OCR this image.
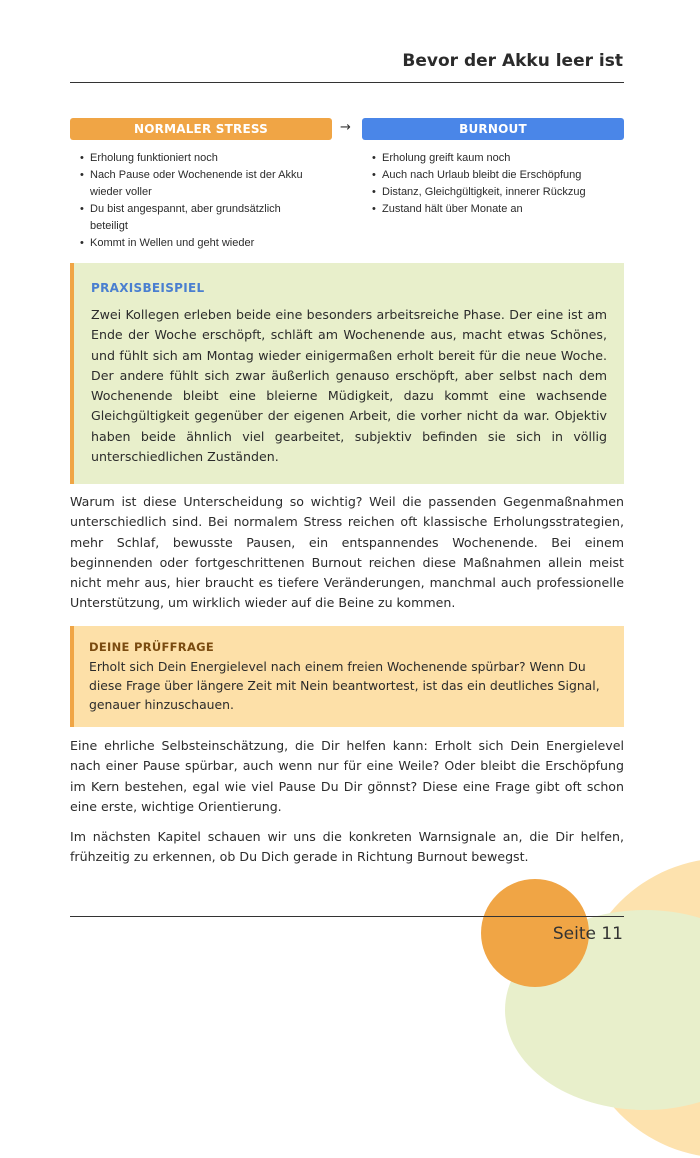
Bevor der Akku leer ist
NORMALER STRESS	→	BURNOUT
• Erholung funktioniert noch
• Nach Pause oder Wochenende ist der Akku wieder voller
• Du bist angespannt, aber grundsätzlich beteiligt
• Kommt in Wellen und geht wieder
• Erholung greift kaum noch
• Auch nach Urlaub bleibt die Erschöpfung
• Distanz, Gleichgültigkeit, innerer Rückzug
• Zustand hält über Monate an
PRAXISBEISPIEL
Zwei Kollegen erleben beide eine besonders arbeitsreiche Phase. Der eine ist am Ende der Woche erschöpft, schläft am Wochenende aus, macht etwas Schönes, und fühlt sich am Montag wieder einigermaßen erholt bereit für die neue Woche. Der andere fühlt sich zwar äußerlich genauso erschöpft, aber selbst nach dem Wochenende bleibt eine bleierne Müdigkeit, dazu kommt eine wachsende Gleichgültigkeit gegenüber der eigenen Arbeit, die vorher nicht da war. Objektiv haben beide ähnlich viel gearbeitet, subjektiv befinden sie sich in völlig unterschiedlichen Zuständen.

Warum ist diese Unterscheidung so wichtig? Weil die passenden Gegenmaßnahmen unterschiedlich sind. Bei normalem Stress reichen oft klassische Erholungsstrategien, mehr Schlaf, bewusste Pausen, ein entspannendes Wochenende. Bei einem beginnenden oder fortgeschrittenen Burnout reichen diese Maßnahmen allein meist nicht mehr aus, hier braucht es tiefere Veränderungen, manchmal auch professionelle Unterstützung, um wirklich wieder auf die Beine zu kommen.

DEINE PRÜFFRAGE
Erholt sich Dein Energielevel nach einem freien Wochenende spürbar? Wenn Du diese Frage über längere Zeit mit Nein beantwortest, ist das ein deutliches Signal, genauer hinzuschauen.

Eine ehrliche Selbsteinschätzung, die Dir helfen kann: Erholt sich Dein Energielevel nach einer Pause spürbar, auch wenn nur für eine Weile? Oder bleibt die Erschöpfung im Kern bestehen, egal wie viel Pause Du Dir gönnst? Diese eine Frage gibt oft schon eine erste, wichtige Orientierung.

Im nächsten Kapitel schauen wir uns die konkreten Warnsignale an, die Dir helfen, frühzeitig zu erkennen, ob Du Dich gerade in Richtung Burnout bewegst.

Seite 11
